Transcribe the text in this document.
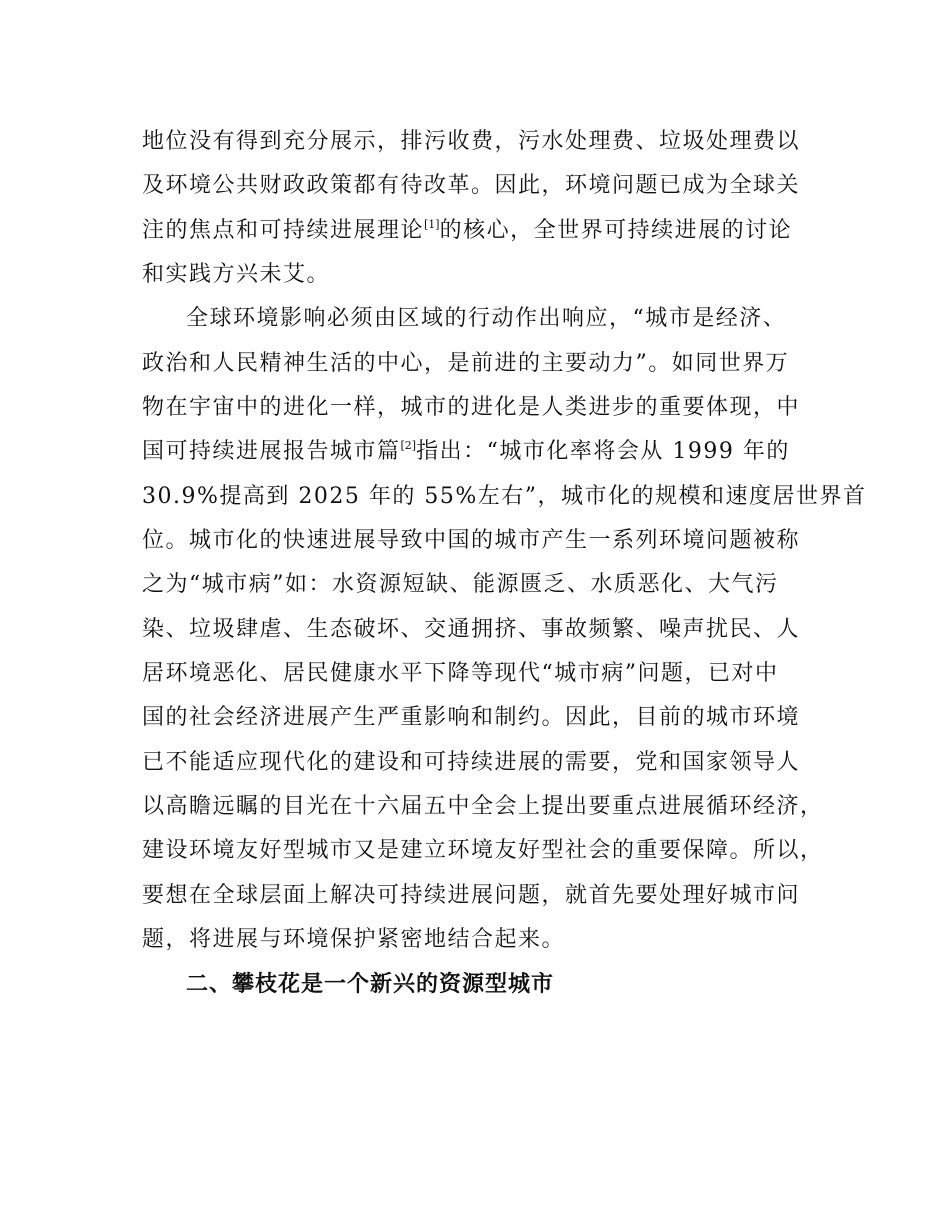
地位没有得到充分展示，排污收费，污水处理费、垃圾处理费以
及环境公共财政政策都有待改革。因此，环境问题已成为全球关
注的焦点和可持续进展理论[1]的核心，全世界可持续进展的讨论
和实践方兴未艾。
全球环境影响必须由区域的行动作出响应，“城市是经济、
政治和人民精神生活的中心，是前进的主要动力”。如同世界万
物在宇宙中的进化一样，城市的进化是人类进步的重要体现，中
国可持续进展报告城市篇[2]指出：“城市化率将会从 1999 年的
30.9%提高到 2025 年的 55%左右”，城市化的规模和速度居世界首
位。城市化的快速进展导致中国的城市产生一系列环境问题被称
之为“城市病”如：水资源短缺、能源匮乏、水质恶化、大气污
染、垃圾肆虐、生态破坏、交通拥挤、事故频繁、噪声扰民、人
居环境恶化、居民健康水平下降等现代“城市病”问题，已对中
国的社会经济进展产生严重影响和制约。因此，目前的城市环境
已不能适应现代化的建设和可持续进展的需要，党和国家领导人
以高瞻远瞩的目光在十六届五中全会上提出要重点进展循环经济，
建设环境友好型城市又是建立环境友好型社会的重要保障。所以，
要想在全球层面上解决可持续进展问题，就首先要处理好城市问
题，将进展与环境保护紧密地结合起来。
二、攀枝花是一个新兴的资源型城市
